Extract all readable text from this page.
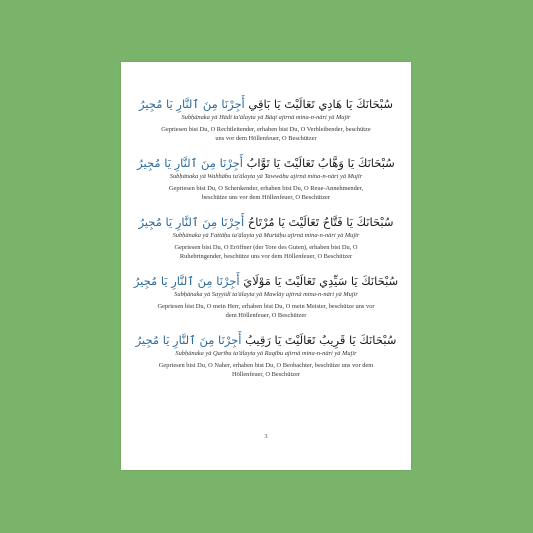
سُبْحَانَكَ يَا هَادِي تَعَالَيْتَ يَا بَاقِي أَجِرْنَا مِنَ ٱلنَّارِ يَا مُجِيرُ
Subḥānaka yā Hādī ta'ālayta yā Bāqī ajirnā mina-n-nāri yā Mujīr
Gepriesen bist Du, O Rechtleitender, erhaben bist Du, O Verbleibender, beschütze uns vor dem Höllenfeuer, O Beschützer
سُبْحَانَكَ يَا وَهَّابُ تَعَالَيْتَ يَا تَوَّابُ أَجِرْنَا مِنَ ٱلنَّارِ يَا مُجِيرُ
Subḥānaka yā Wahhābu ta'ālayta yā Tawwābu ajirnā mina-n-nāri yā Mujīr
Gepriesen bist Du, O Schenkender, erhaben bist Du, O Reue-Annehmender, beschütze uns vor dem Höllenfeuer, O Beschützer
سُبْحَانَكَ يَا فَتَّاحُ تَعَالَيْتَ يَا مُرْتَاحُ أَجِرْنَا مِنَ ٱلنَّارِ يَا مُجِيرُ
Subḥānaka yā Fattāḥu ta'ālayta yā Murtāḥu ajirnā mina-n-nāri yā Mujīr
Gepriesen bist Du, O Eröffner (der Tore des Guten), erhaben bist Du, O Ruhebringender, beschütze uns vor dem Höllenfeuer, O Beschützer
سُبْحَانَكَ يَا سَيِّدِي تَعَالَيْتَ يَا مَوْلَايَ أَجِرْنَا مِنَ ٱلنَّارِ يَا مُجِيرُ
Subḥānaka yā Sayyidī ta'ālayta yā Mawlāy ajirnā mina-n-nāri yā Mujīr
Gepriesen bist Du, O mein Herr, erhaben bist Du, O mein Meister, beschütze uns vor dem Höllenfeuer, O Beschützer
سُبْحَانَكَ يَا قَرِيبُ تَعَالَيْتَ يَا رَقِيبُ أَجِرْنَا مِنَ ٱلنَّارِ يَا مُجِيرُ
Subḥānaka yā Qarību ta'ālayta yā Raqību ajirnā mina-n-nāri yā Mujīr
Gepriesen bist Du, O Naher, erhaben bist Du, O Beobachter, beschütze uns vor dem Höllenfeuer, O Beschützer
3
